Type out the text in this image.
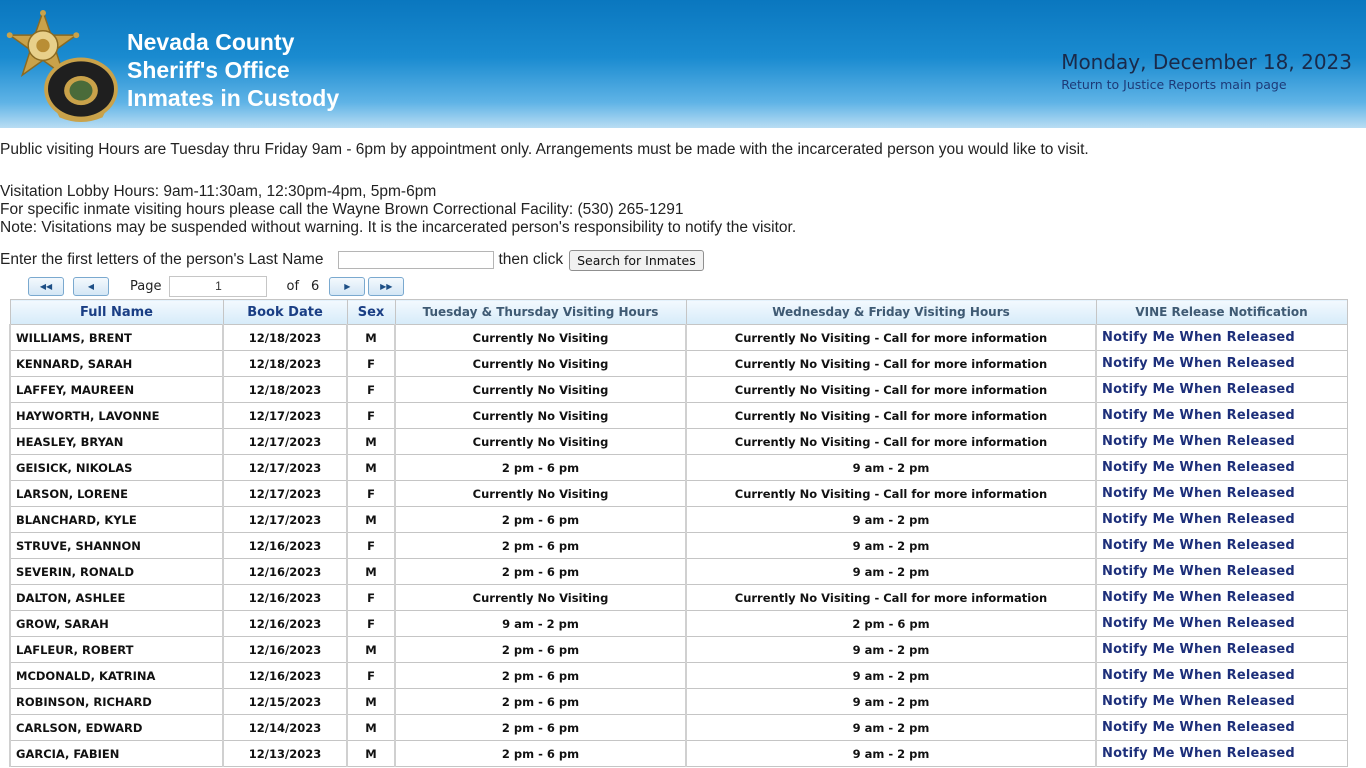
Nevada County
Sheriff's Office
Inmates in Custody
Monday, December 18, 2023
Return to Justice Reports main page
Public visiting Hours are Tuesday thru Friday 9am - 6pm by appointment only. Arrangements must be made with the incarcerated person you would like to visit.
Visitation Lobby Hours: 9am-11:30am, 12:30pm-4pm, 5pm-6pm
For specific inmate visiting hours please call the Wayne Brown Correctional Facility: (530) 265-1291
Note: Visitations may be suspended without warning. It is the incarcerated person's responsibility to notify the visitor.
Enter the first letters of the person's Last Name	then click	Search for Inmates
◀◀	◀	Page
1	of 6	▶	▶▶
Full Name	Book Date	Sex	Tuesday & Thursday Visiting Hours	Wednesday & Friday Visiting Hours	VINE Release Notification
WILLIAMS, BRENT	12/18/2023	M	Currently No Visiting	Currently No Visiting - Call for more information	Notify Me When Released
KENNARD, SARAH	12/18/2023	F	Currently No Visiting	Currently No Visiting - Call for more information	Notify Me When Released
LAFFEY, MAUREEN	12/18/2023	F	Currently No Visiting	Currently No Visiting - Call for more information	Notify Me When Released
HAYWORTH, LAVONNE	12/17/2023	F	Currently No Visiting	Currently No Visiting - Call for more information	Notify Me When Released
HEASLEY, BRYAN	12/17/2023	M	Currently No Visiting	Currently No Visiting - Call for more information	Notify Me When Released
GEISICK, NIKOLAS	12/17/2023	M	2 pm - 6 pm	9 am - 2 pm	Notify Me When Released
LARSON, LORENE	12/17/2023	F	Currently No Visiting	Currently No Visiting - Call for more information	Notify Me When Released
BLANCHARD, KYLE	12/17/2023	M	2 pm - 6 pm	9 am - 2 pm	Notify Me When Released
STRUVE, SHANNON	12/16/2023	F	2 pm - 6 pm	9 am - 2 pm	Notify Me When Released
SEVERIN, RONALD	12/16/2023	M	2 pm - 6 pm	9 am - 2 pm	Notify Me When Released
DALTON, ASHLEE	12/16/2023	F	Currently No Visiting	Currently No Visiting - Call for more information	Notify Me When Released
GROW, SARAH	12/16/2023	F	9 am - 2 pm	2 pm - 6 pm	Notify Me When Released
LAFLEUR, ROBERT	12/16/2023	M	2 pm - 6 pm	9 am - 2 pm	Notify Me When Released
MCDONALD, KATRINA	12/16/2023	F	2 pm - 6 pm	9 am - 2 pm	Notify Me When Released
ROBINSON, RICHARD	12/15/2023	M	2 pm - 6 pm	9 am - 2 pm	Notify Me When Released
CARLSON, EDWARD	12/14/2023	M	2 pm - 6 pm	9 am - 2 pm	Notify Me When Released
GARCIA, FABIEN	12/13/2023	M	2 pm - 6 pm	9 am - 2 pm	Notify Me When Released
